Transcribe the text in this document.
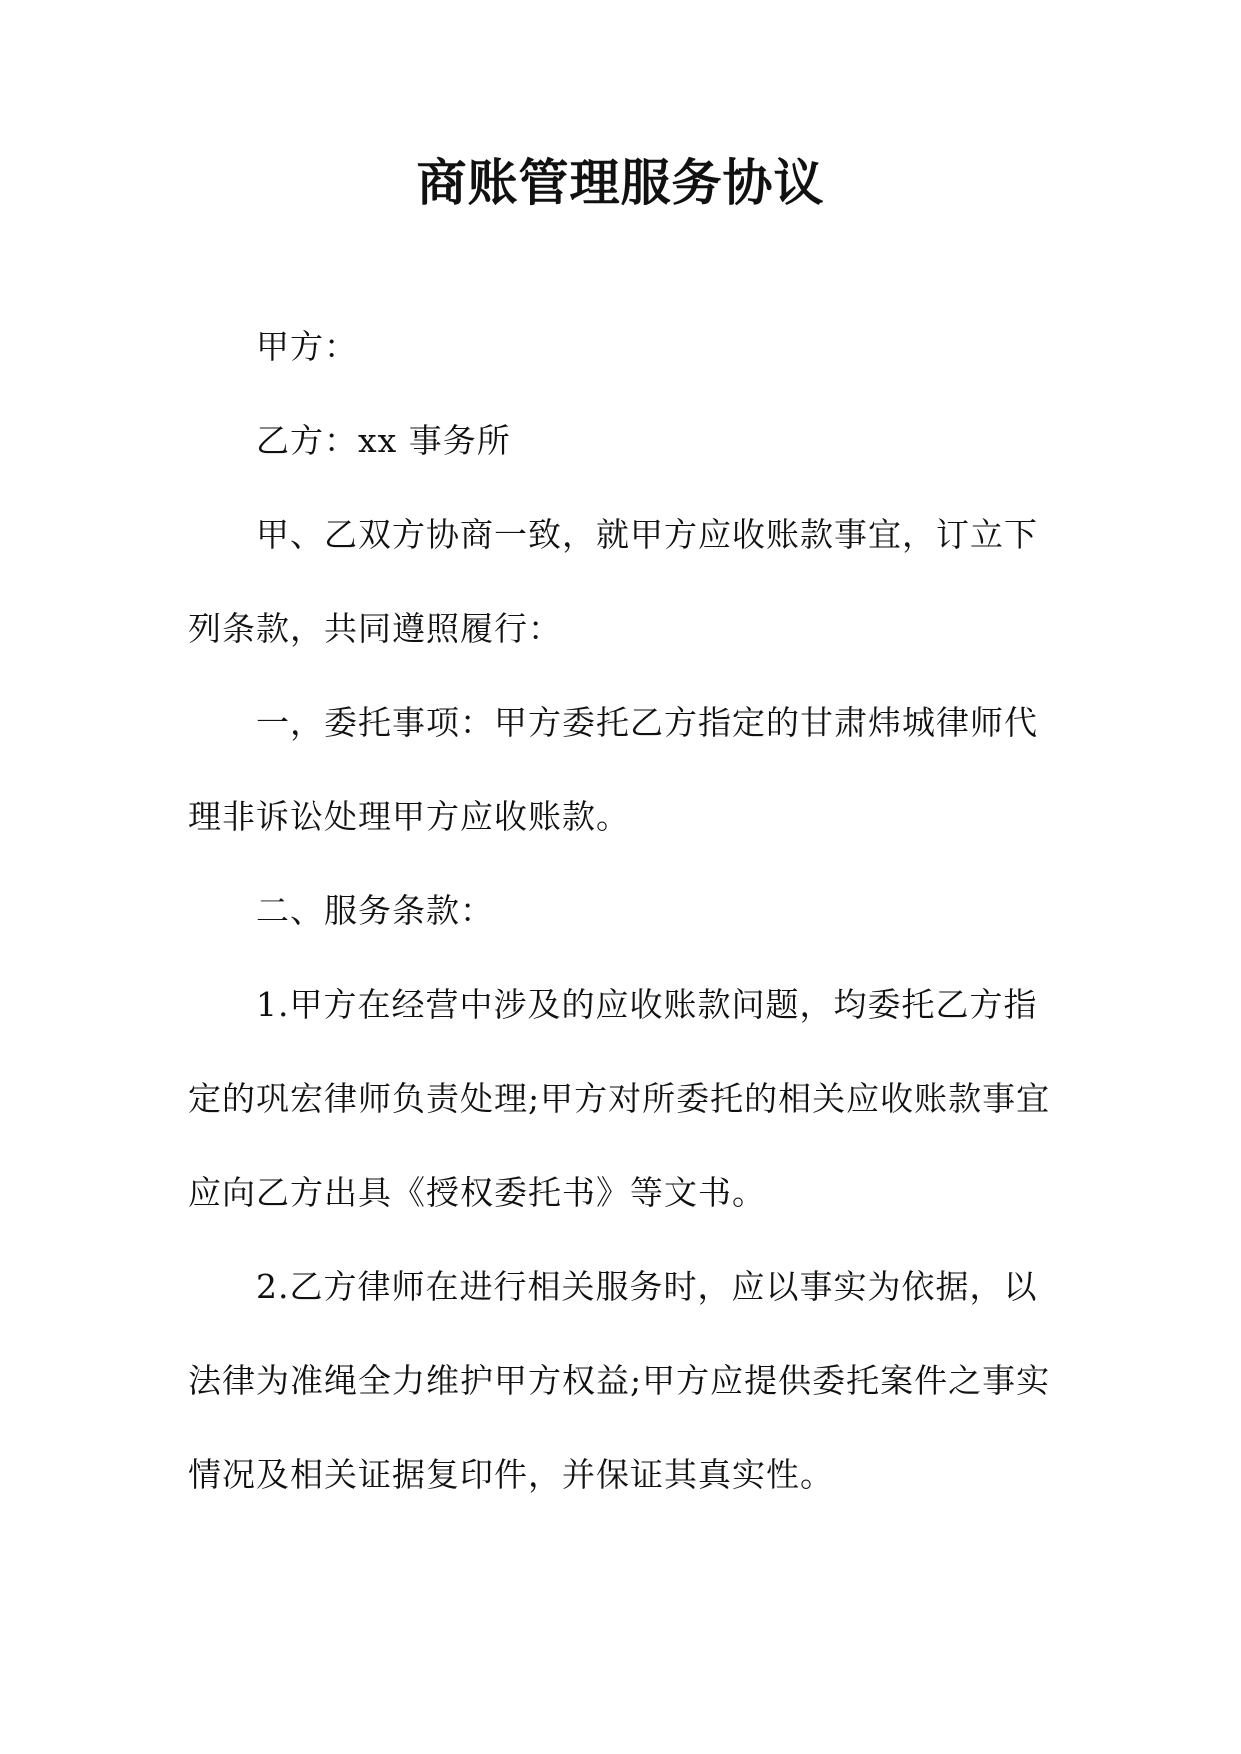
商账管理服务协议

甲方：

乙方：xx 事务所

甲、乙双方协商一致，就甲方应收账款事宜，订立下

列条款，共同遵照履行：

一，委托事项：甲方委托乙方指定的甘肃炜城律师代

理非诉讼处理甲方应收账款。

二、服务条款：

1.甲方在经营中涉及的应收账款问题，均委托乙方指

定的巩宏律师负责处理;甲方对所委托的相关应收账款事宜

应向乙方出具《授权委托书》等文书。

2.乙方律师在进行相关服务时，应以事实为依据，以

法律为准绳全力维护甲方权益;甲方应提供委托案件之事实

情况及相关证据复印件，并保证其真实性。
